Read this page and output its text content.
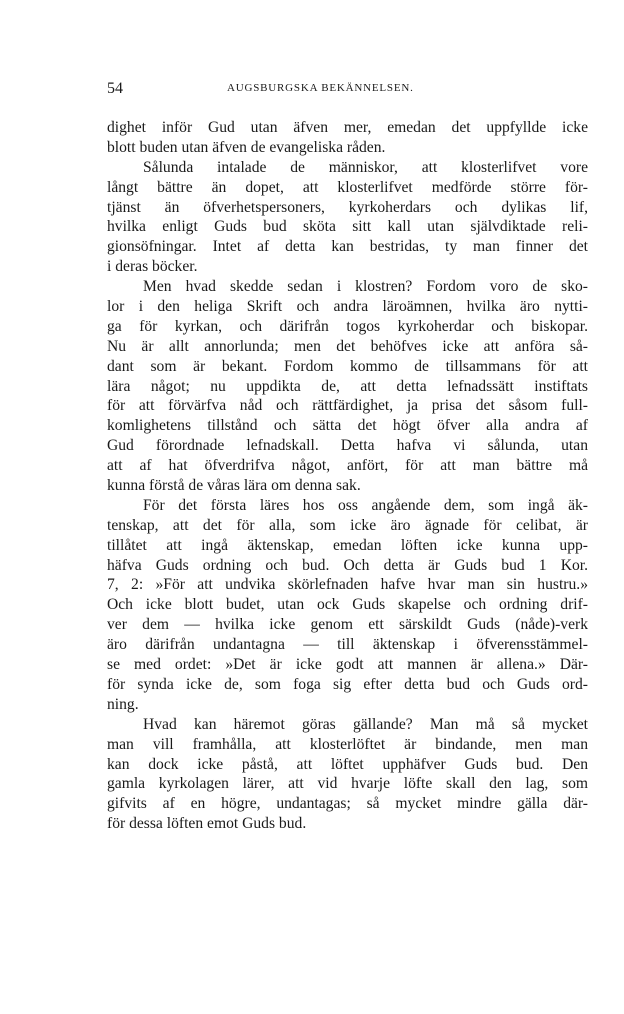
54	AUGSBURGSKA BEKÄNNELSEN.
dighet inför Gud utan äfven mer, emedan det uppfyllde icke
blott buden utan äfven de evangeliska råden.
Sålunda intalade de människor, att klosterlifvet vore
långt bättre än dopet, att klosterlifvet medförde större för-
tjänst än öfverhetspersoners, kyrkoherdars och dylikas lif,
hvilka enligt Guds bud sköta sitt kall utan självdiktade reli-
gionsöfningar. Intet af detta kan bestridas, ty man finner det
i deras böcker.
Men hvad skedde sedan i klostren? Fordom voro de sko-
lor i den heliga Skrift och andra läroämnen, hvilka äro nytti-
ga för kyrkan, och därifrån togos kyrkoherdar och biskopar.
Nu är allt annorlunda; men det behöfves icke att anföra så-
dant som är bekant. Fordom kommo de tillsammans för att
lära något; nu uppdikta de, att detta lefnadssätt instiftats
för att förvärfva nåd och rättfärdighet, ja prisa det såsom full-
komlighetens tillstånd och sätta det högt öfver alla andra af
Gud förordnade lefnadskall. Detta hafva vi sålunda, utan
att af hat öfverdrifva något, anfört, för att man bättre må
kunna förstå de våras lära om denna sak.
För det första läres hos oss angående dem, som ingå äk-
tenskap, att det för alla, som icke äro ägnade för celibat, är
tillåtet att ingå äktenskap, emedan löften icke kunna upp-
häfva Guds ordning och bud. Och detta är Guds bud 1 Kor.
7, 2: »För att undvika skörlefnaden hafve hvar man sin hustru.»
Och icke blott budet, utan ock Guds skapelse och ordning drif-
ver dem — hvilka icke genom ett särskildt Guds (nåde)-verk
äro därifrån undantagna — till äktenskap i öfverensstämmel-
se med ordet: »Det är icke godt att mannen är allena.» Där-
för synda icke de, som foga sig efter detta bud och Guds ord-
ning.
Hvad kan häremot göras gällande? Man må så mycket
man vill framhålla, att klosterlöftet är bindande, men man
kan dock icke påstå, att löftet upphäfver Guds bud. Den
gamla kyrkolagen lärer, att vid hvarje löfte skall den lag, som
gifvits af en högre, undantagas; så mycket mindre gälla där-
för dessa löften emot Guds bud.
